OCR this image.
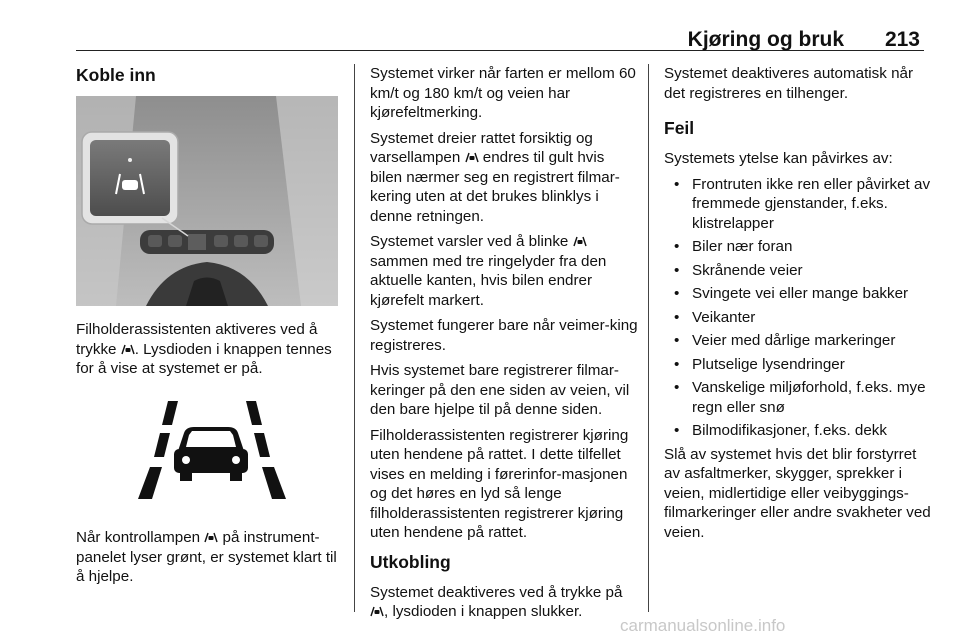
Kjøring og bruk 213
Koble inn

Filholderassistenten aktiveres ved å trykke . Lysdioden i knappen tennes for å vise at systemet er på.

Når kontrollampen  på instrument-panelet lyser grønt, er systemet klart til å hjelpe.

Systemet virker når farten er mellom 60 km/t og 180 km/t og veien har kjørefeltmerking.

Systemet dreier rattet forsiktig og varsellampen  endres til gult hvis bilen nærmer seg en registrert filmar-kering uten at det brukes blinklys i denne retningen.

Systemet varsler ved å blinke  sammen med tre ringelyder fra den aktuelle kanten, hvis bilen endrer kjørefelt markert.

Systemet fungerer bare når veimer-king registreres.

Hvis systemet bare registrerer filmar-keringer på den ene siden av veien, vil den bare hjelpe til på denne siden.

Filholderassistenten registrerer kjøring uten hendene på rattet. I dette tilfellet vises en melding i førerinfor-masjonen og det høres en lyd så lenge filholderassistenten registrerer kjøring uten hendene på rattet.

Utkobling

Systemet deaktiveres ved å trykke på , lysdioden i knappen slukker.

Systemet deaktiveres automatisk når det registreres en tilhenger.

Feil

Systemets ytelse kan påvirkes av:

• Frontruten ikke ren eller påvirket av fremmede gjenstander, f.eks. klistrelapper
• Biler nær foran
• Skrånende veier
• Svingete vei eller mange bakker
• Veikanter
• Veier med dårlige markeringer
• Plutselige lysendringer
• Vanskelige miljøforhold, f.eks. mye regn eller snø
• Bilmodifikasjoner, f.eks. dekk

Slå av systemet hvis det blir forstyrret av asfaltmerker, skygger, sprekker i veien, midlertidige eller veibyggings-filmarkeringer eller andre svakheter ved veien.

carmanualsonline.info
